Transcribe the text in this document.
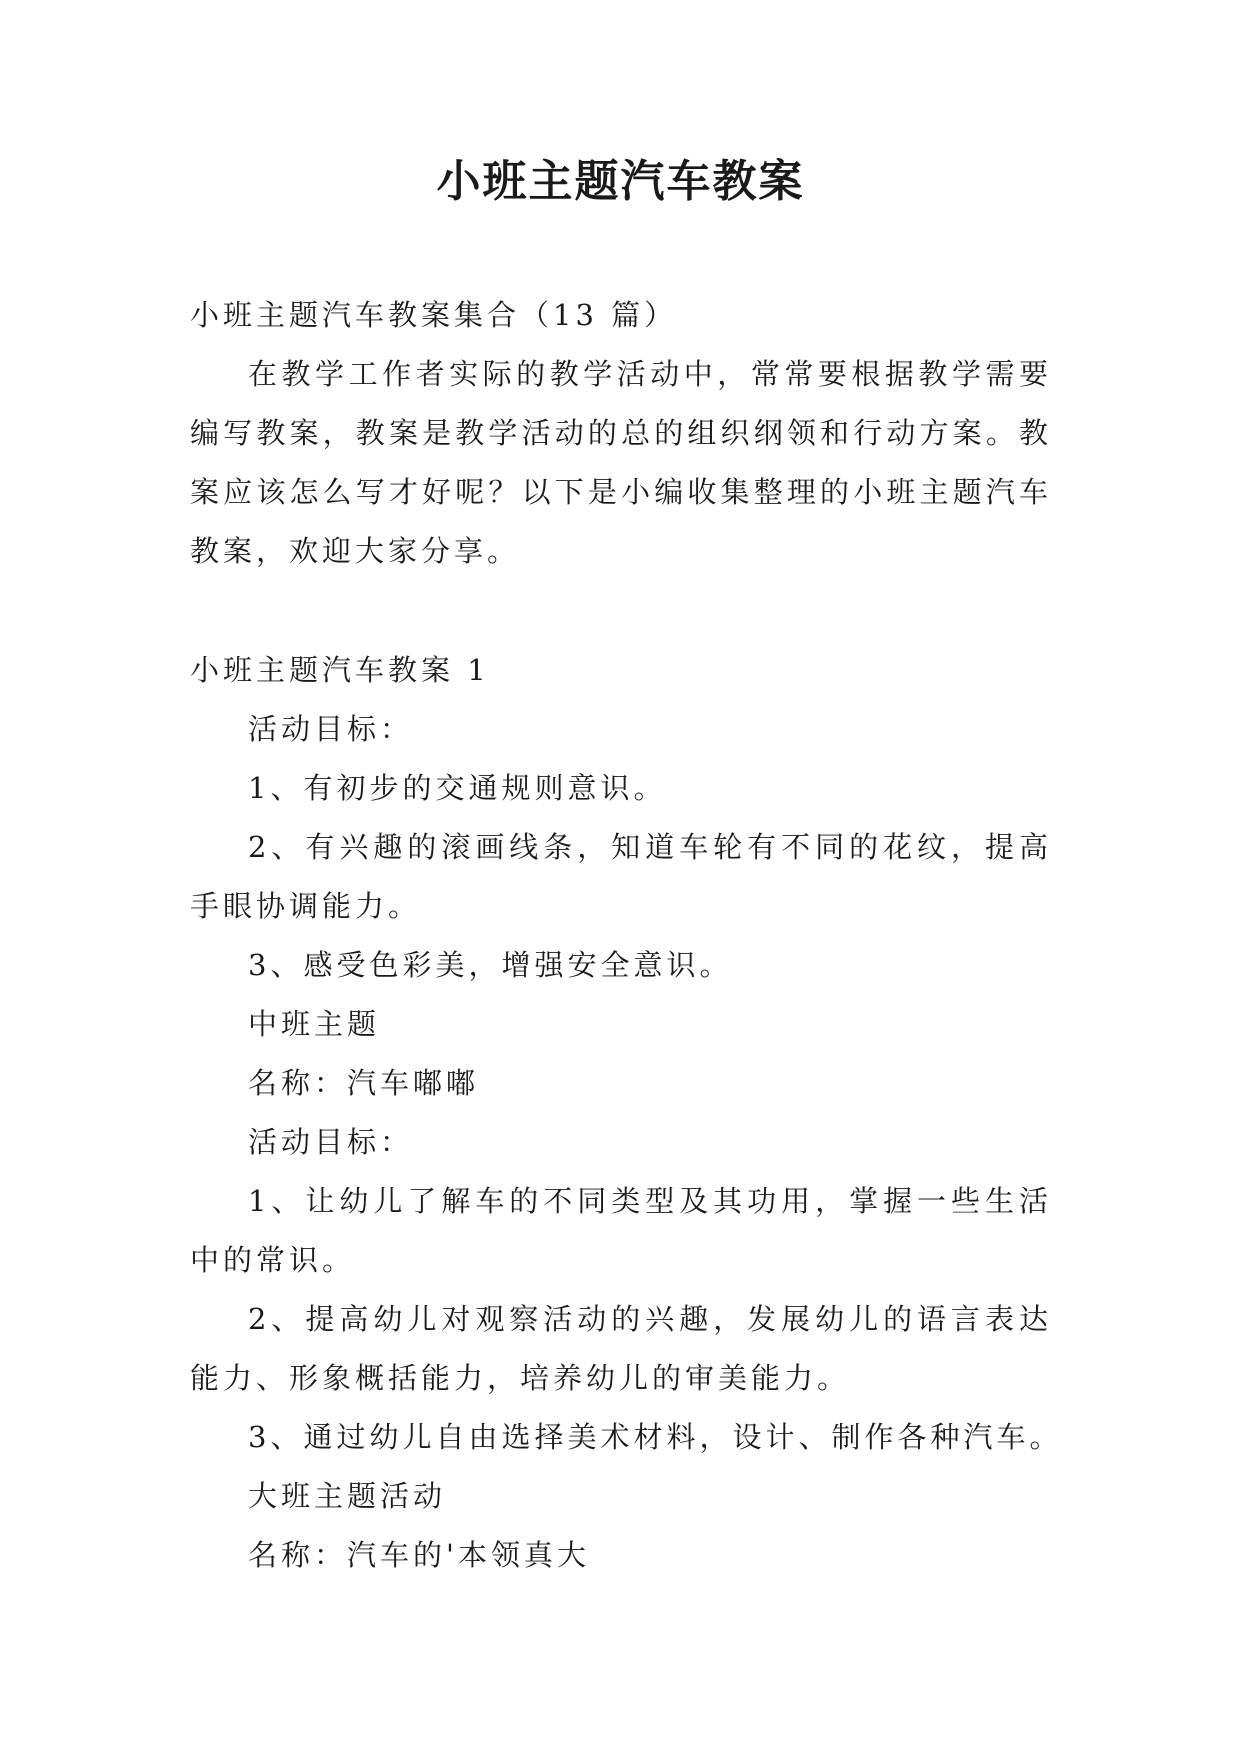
小班主题汽车教案

小班主题汽车教案集合（13 篇）

在教学工作者实际的教学活动中，常常要根据教学需要编写教案，教案是教学活动的总的组织纲领和行动方案。教案应该怎么写才好呢？以下是小编收集整理的小班主题汽车教案，欢迎大家分享。

小班主题汽车教案 1

活动目标：

1、有初步的交通规则意识。

2、有兴趣的滚画线条，知道车轮有不同的花纹，提高手眼协调能力。

3、感受色彩美，增强安全意识。

中班主题

名称：汽车嘟嘟

活动目标：

1、让幼儿了解车的不同类型及其功用，掌握一些生活中的常识。

2、提高幼儿对观察活动的兴趣，发展幼儿的语言表达能力、形象概括能力，培养幼儿的审美能力。

3、通过幼儿自由选择美术材料，设计、制作各种汽车。

大班主题活动

名称：汽车的'本领真大
